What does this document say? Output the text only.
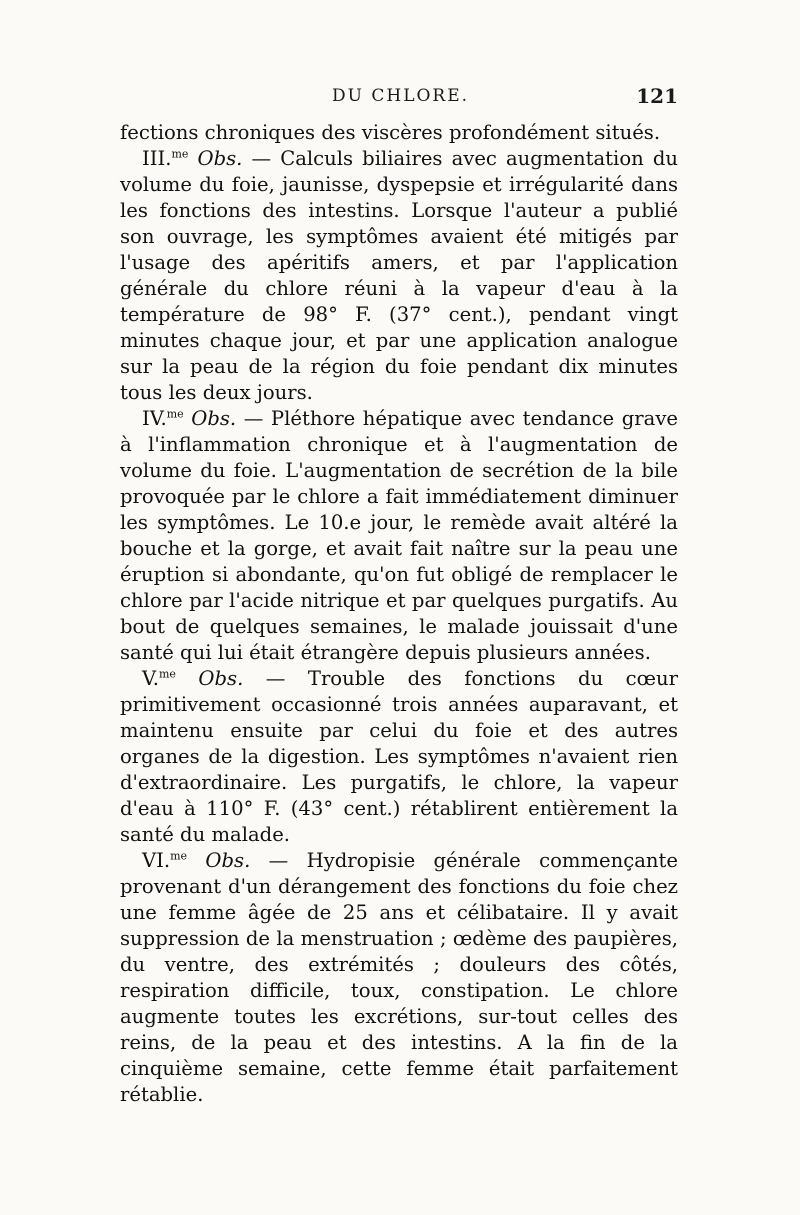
DU CHLORE.	121

fections chroniques des viscères profondément situés.

III.$^{me}$ Obs. — Calculs biliaires avec augmentation du volume du foie, jaunisse, dyspepsie et irrégularité dans les fonctions des intestins. Lorsque l'auteur a publié son ouvrage, les symptômes avaient été mitigés par l'usage des apéritifs amers, et par l'application générale du chlore réuni à la vapeur d'eau à la température de 98° F. (37° cent.), pendant vingt minutes chaque jour, et par une application analogue sur la peau de la région du foie pendant dix minutes tous les deux jours.

IV.$^{me}$ Obs. — Pléthore hépatique avec tendance grave à l'inflammation chronique et à l'augmentation de volume du foie. L'augmentation de secrétion de la bile provoquée par le chlore a fait immédiatement diminuer les symptômes. Le 10.e jour, le remède avait altéré la bouche et la gorge, et avait fait naître sur la peau une éruption si abondante, qu'on fut obligé de remplacer le chlore par l'acide nitrique et par quelques purgatifs. Au bout de quelques semaines, le malade jouissait d'une santé qui lui était étrangère depuis plusieurs années.

V.$^{me}$ Obs. — Trouble des fonctions du cœur primitivement occasionné trois années auparavant, et maintenu ensuite par celui du foie et des autres organes de la digestion. Les symptômes n'avaient rien d'extraordinaire. Les purgatifs, le chlore, la vapeur d'eau à 110° F. (43° cent.) rétablirent entièrement la santé du malade.

VI.$^{me}$ Obs. — Hydropisie générale commençante provenant d'un dérangement des fonctions du foie chez une femme âgée de 25 ans et célibataire. Il y avait suppression de la menstruation ; œdème des paupières, du ventre, des extrémités ; douleurs des côtés, respiration difficile, toux, constipation. Le chlore augmente toutes les excrétions, sur-tout celles des reins, de la peau et des intestins. A la fin de la cinquième semaine, cette femme était parfaitement rétablie.
